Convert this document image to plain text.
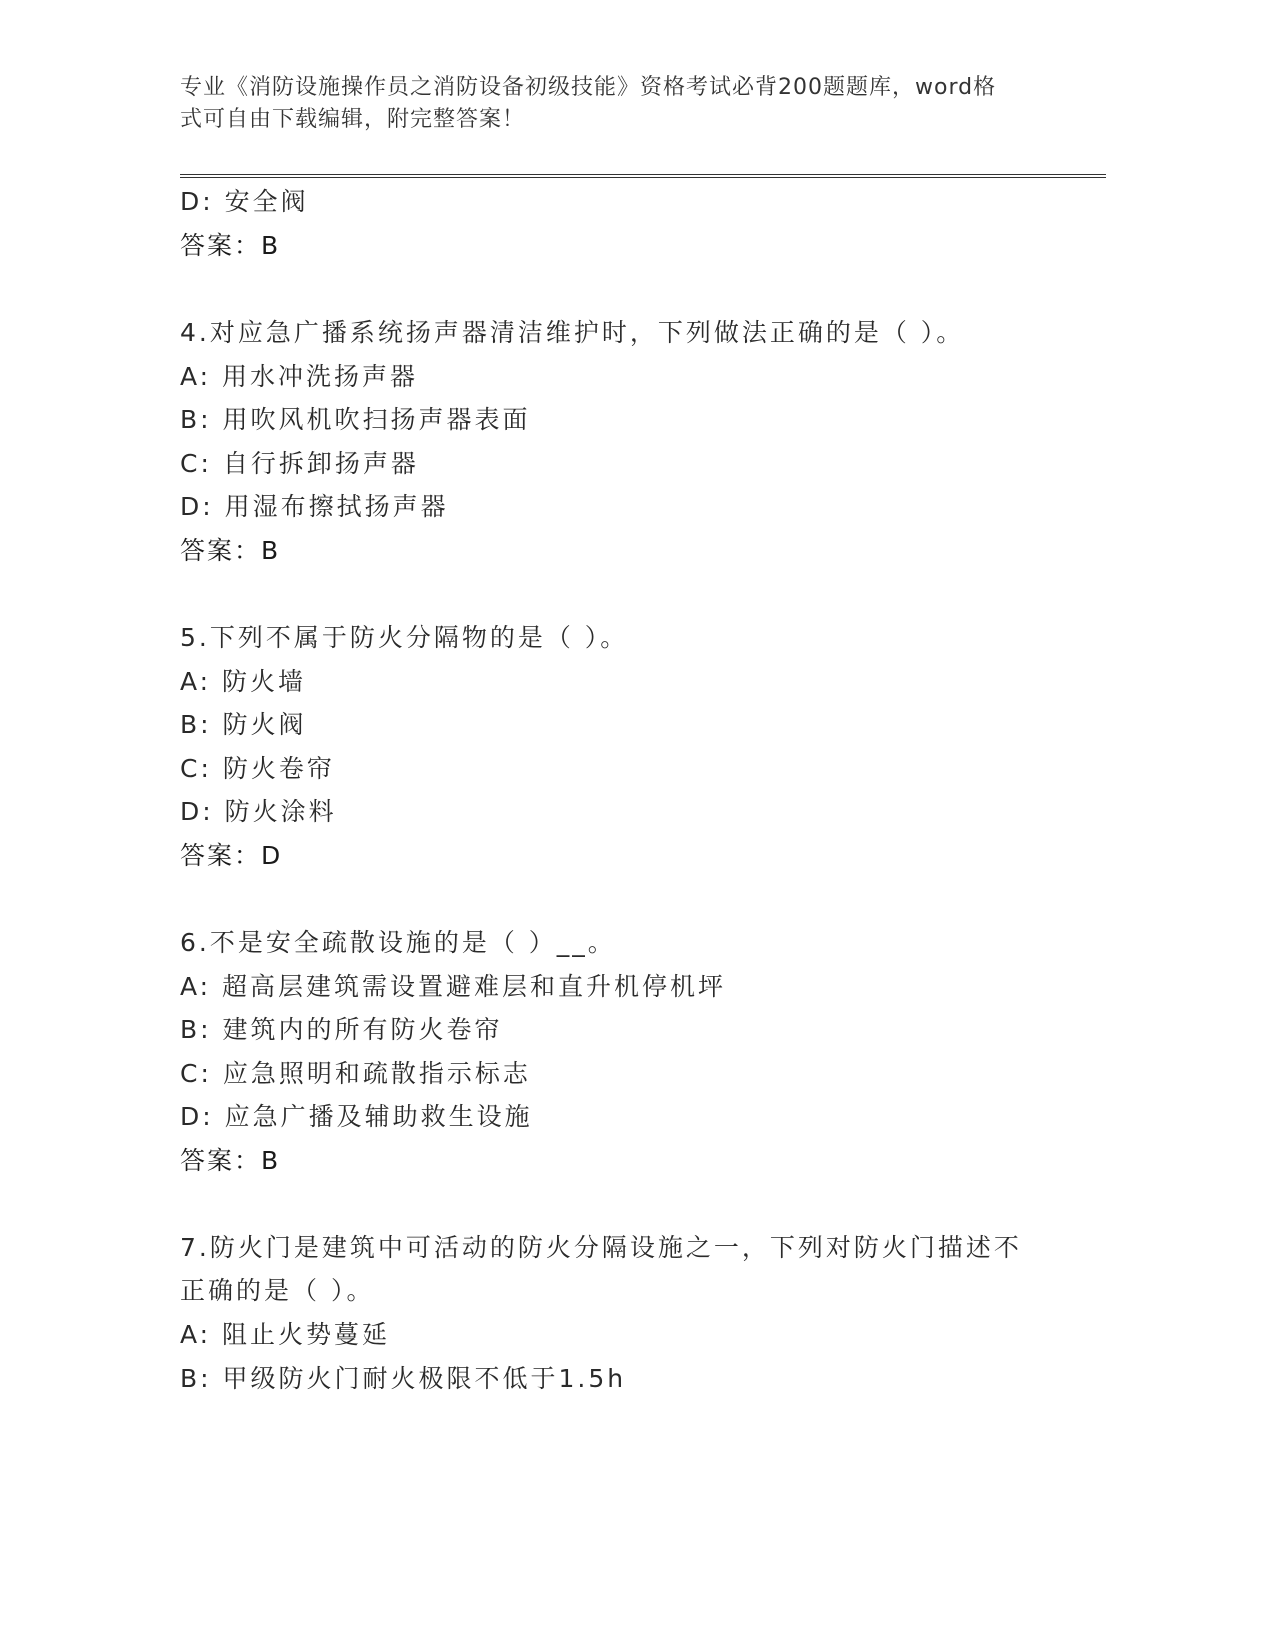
专业《消防设施操作员之消防设备初级技能》资格考试必背200题题库，word格
式可自由下载编辑，附完整答案！
D: 安全阀
答案：B
4.对应急广播系统扬声器清洁维护时，下列做法正确的是（ ）。
A: 用水冲洗扬声器
B: 用吹风机吹扫扬声器表面
C: 自行拆卸扬声器
D: 用湿布擦拭扬声器
答案：B
5.下列不属于防火分隔物的是（ ）。
A: 防火墙
B: 防火阀
C: 防火卷帘
D: 防火涂料
答案：D
6.不是安全疏散设施的是（ ）__。
A: 超高层建筑需设置避难层和直升机停机坪
B: 建筑内的所有防火卷帘
C: 应急照明和疏散指示标志
D: 应急广播及辅助救生设施
答案：B
7.防火门是建筑中可活动的防火分隔设施之一，下列对防火门描述不
正确的是（ ）。
A: 阻止火势蔓延
B: 甲级防火门耐火极限不低于1.5h
